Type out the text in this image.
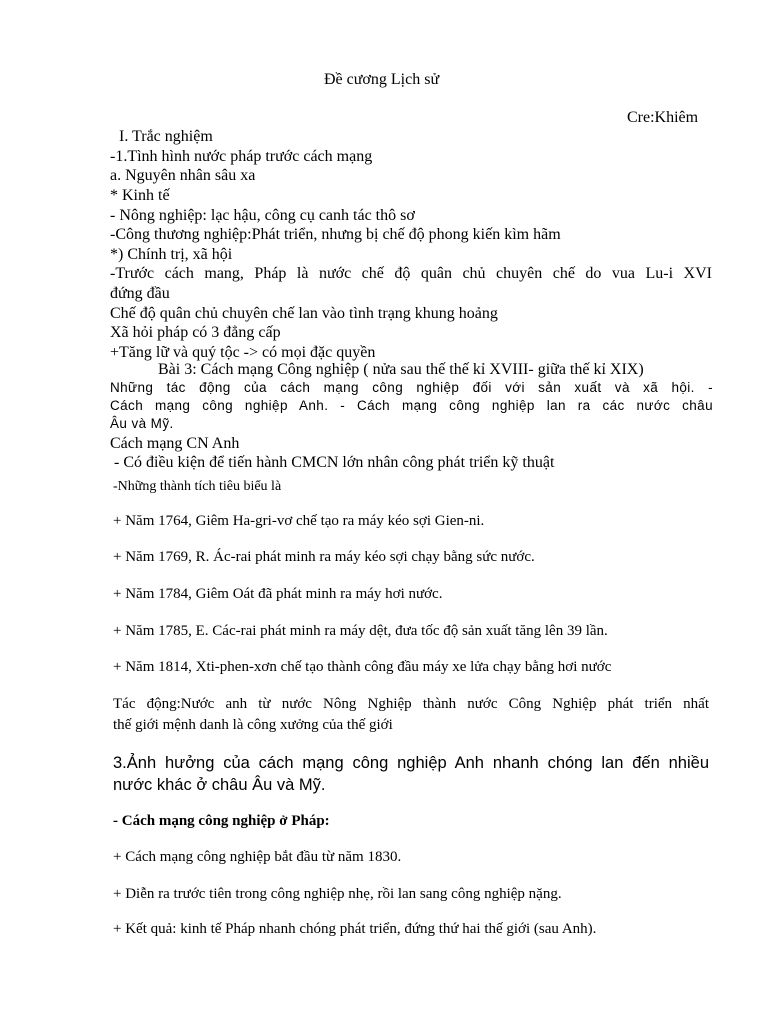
Đề cương Lịch sử
Cre:Khiêm
I. Trắc nghiệm
-1.Tình hình nước pháp trước cách mạng
a. Nguyên nhân sâu xa
* Kinh tế
- Nông nghiệp: lạc hậu, công cụ canh tác thô sơ
-Công thương nghiệp:Phát triển, nhưng bị chế độ phong kiến kìm hãm
*) Chính trị, xã hội
-Trước cách mang, Pháp là nước chế độ quân chủ chuyên chế do vua Lu-i XVI
đứng đầu
Chế độ quân chủ chuyên chế lan vào tình trạng khung hoảng
Xã hỏi pháp có 3 đẳng cấp
+Tăng lữ và quý tộc -> có mọi đặc quyền
Bài 3: Cách mạng Công nghiệp ( nửa sau thế thế kỉ XVIII- giữa thế kỉ XIX)
Những tác động của cách mạng công nghiệp đối với sản xuất và xã hội. -
Cách mạng công nghiệp Anh. - Cách mạng công nghiệp lan ra các nước châu
Âu và Mỹ.
Cách mạng CN Anh
- Có điều kiện để tiến hành CMCN lớn nhân công phát triển kỹ thuật
-Những thành tích tiêu biểu là
+ Năm 1764, Giêm Ha-gri-vơ chế tạo ra máy kéo sợi Gien-ni.
+ Năm 1769, R. Ác-rai phát minh ra máy kéo sợi chạy bằng sức nước.
+ Năm 1784, Giêm Oát đã phát minh ra máy hơi nước.
+ Năm 1785, E. Các-rai phát minh ra máy dệt, đưa tốc độ sản xuất tăng lên 39 lần.
+ Năm 1814, Xti-phen-xơn chế tạo thành công đầu máy xe lửa chạy bằng hơi nước
Tác động:Nước anh từ nước Nông Nghiệp thành nước Công Nghiệp phát triển nhất
thế giới mệnh danh là công xưởng của thế giới
3.Ảnh hưởng của cách mạng công nghiệp Anh nhanh chóng lan đến nhiều
nước khác ở châu Âu và Mỹ.
- Cách mạng công nghiệp ở Pháp:
+ Cách mạng công nghiệp bắt đầu từ năm 1830.
+ Diễn ra trước tiên trong công nghiệp nhẹ, rồi lan sang công nghiệp nặng.
+ Kết quả: kinh tế Pháp nhanh chóng phát triển, đứng thứ hai thế giới (sau Anh).
